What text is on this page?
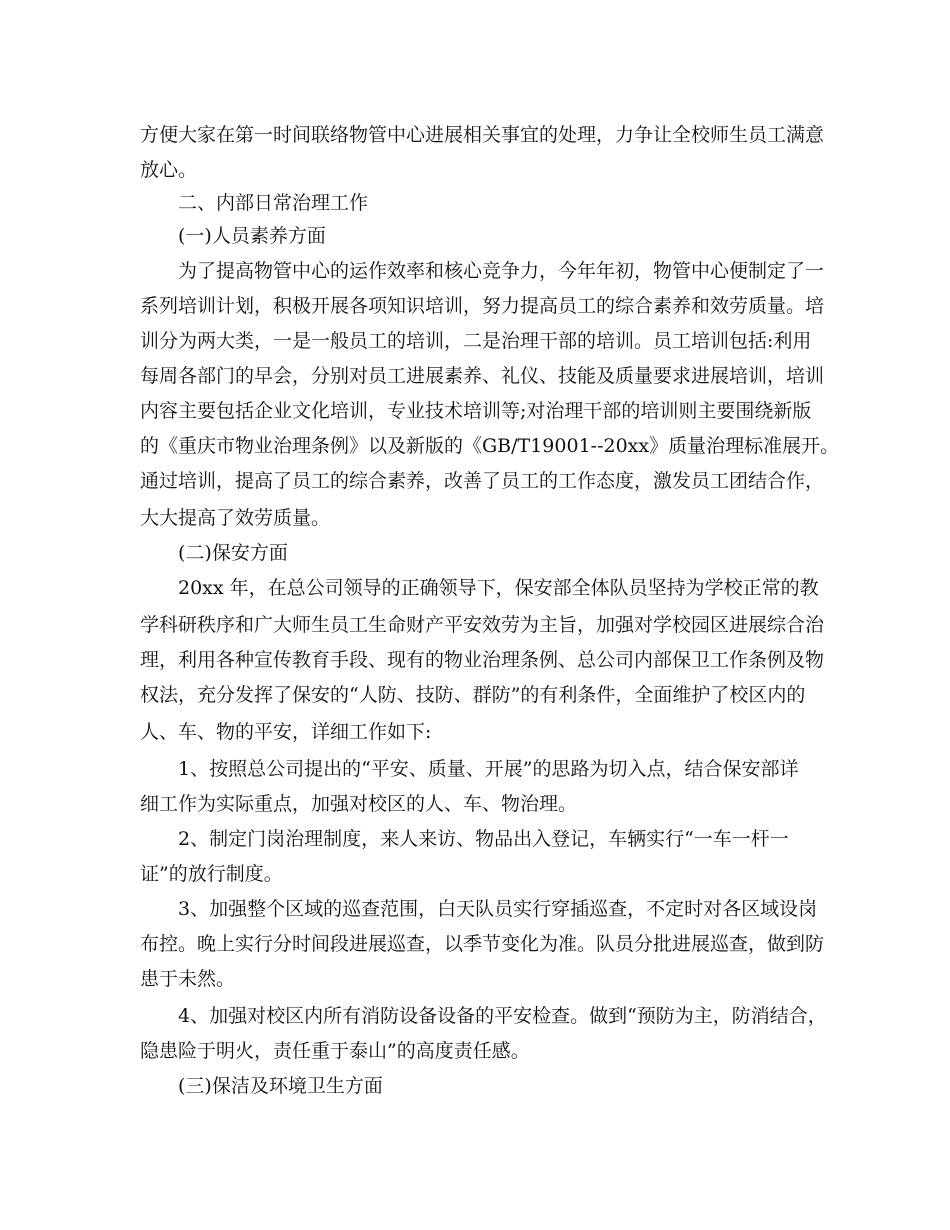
方便大家在第一时间联络物管中心进展相关事宜的处理，力争让全校师生员工满意

放心。

二、内部日常治理工作

(一)人员素养方面

为了提高物管中心的运作效率和核心竞争力，今年年初，物管中心便制定了一

系列培训计划，积极开展各项知识培训，努力提高员工的综合素养和效劳质量。培

训分为两大类，一是一般员工的培训，二是治理干部的培训。员工培训包括:利用

每周各部门的早会，分别对员工进展素养、礼仪、技能及质量要求进展培训，培训

内容主要包括企业文化培训，专业技术培训等;对治理干部的培训则主要围绕新版

的《重庆市物业治理条例》以及新版的《GB/T19001--20xx》质量治理标准展开。

通过培训，提高了员工的综合素养，改善了员工的工作态度，激发员工团结合作，

大大提高了效劳质量。

(二)保安方面

20xx 年，在总公司领导的正确领导下，保安部全体队员坚持为学校正常的教

学科研秩序和广大师生员工生命财产平安效劳为主旨，加强对学校园区进展综合治

理，利用各种宣传教育手段、现有的物业治理条例、总公司内部保卫工作条例及物

权法，充分发挥了保安的“人防、技防、群防”的有利条件，全面维护了校区内的

人、车、物的平安，详细工作如下:

1、按照总公司提出的“平安、质量、开展”的思路为切入点，结合保安部详

细工作为实际重点，加强对校区的人、车、物治理。

2、制定门岗治理制度，来人来访、物品出入登记，车辆实行“一车一杆一

证”的放行制度。

3、加强整个区域的巡查范围，白天队员实行穿插巡查，不定时对各区域设岗

布控。晚上实行分时间段进展巡查，以季节变化为准。队员分批进展巡查，做到防

患于未然。

4、加强对校区内所有消防设备设备的平安检查。做到“预防为主，防消结合，

隐患险于明火，责任重于泰山”的高度责任感。

(三)保洁及环境卫生方面
